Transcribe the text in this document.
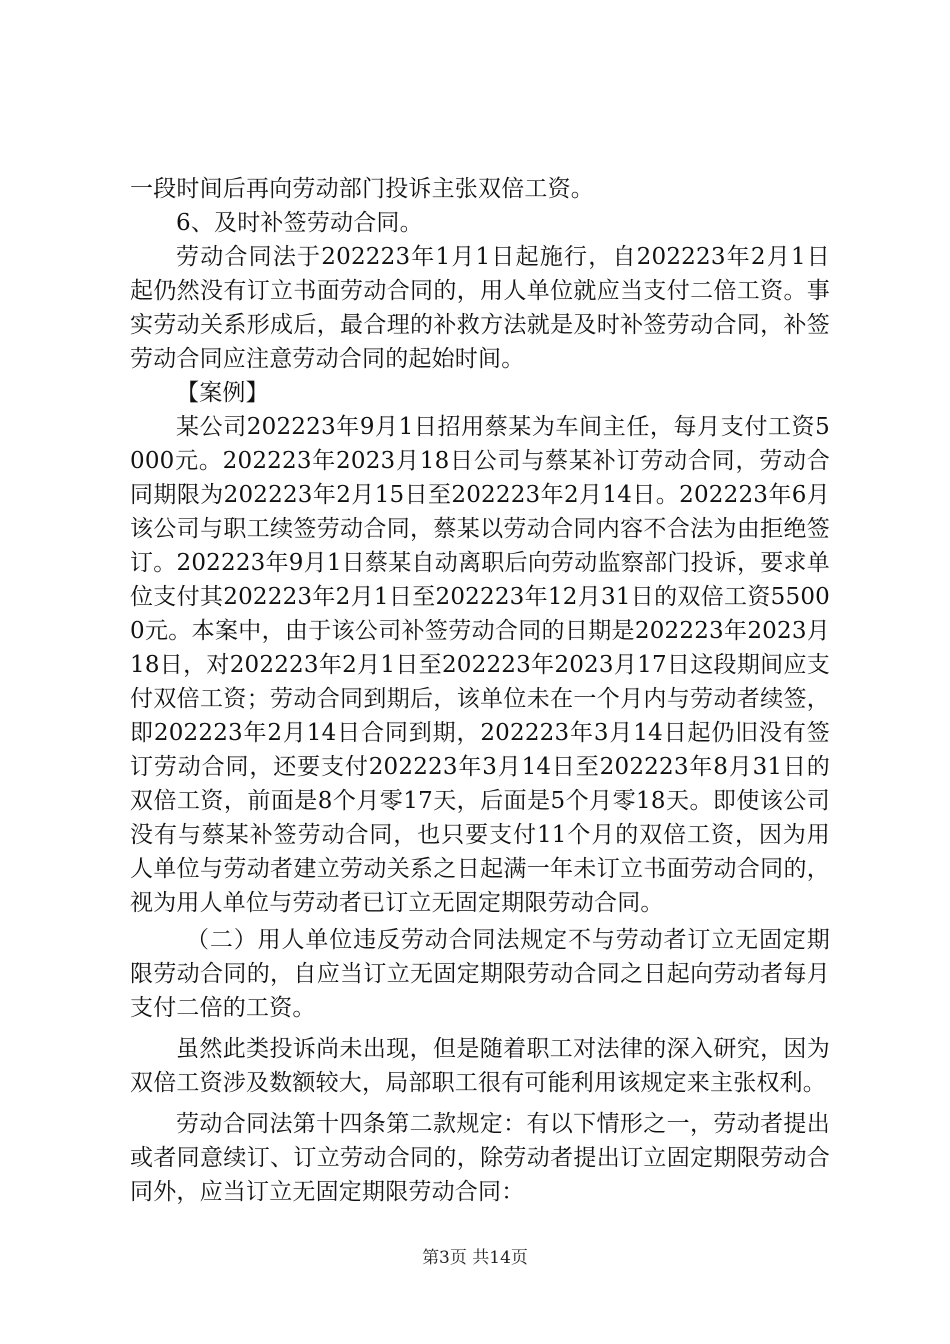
一段时间后再向劳动部门投诉主张双倍工资。

6、及时补签劳动合同。

劳动合同法于202223年1月1日起施行，自202223年2月1日起仍然没有订立书面劳动合同的，用人单位就应当支付二倍工资。事实劳动关系形成后，最合理的补救方法就是及时补签劳动合同，补签劳动合同应注意劳动合同的起始时间。

【案例】

某公司202223年9月1日招用蔡某为车间主任，每月支付工资5000元。202223年2023月18日公司与蔡某补订劳动合同，劳动合同期限为202223年2月15日至202223年2月14日。202223年6月该公司与职工续签劳动合同，蔡某以劳动合同内容不合法为由拒绝签订。202223年9月1日蔡某自动离职后向劳动监察部门投诉，要求单位支付其202223年2月1日至202223年12月31日的双倍工资55000元。本案中，由于该公司补签劳动合同的日期是202223年2023月18日，对202223年2月1日至202223年2023月17日这段期间应支付双倍工资；劳动合同到期后，该单位未在一个月内与劳动者续签，即202223年2月14日合同到期，202223年3月14日起仍旧没有签订劳动合同，还要支付202223年3月14日至202223年8月31日的双倍工资，前面是8个月零17天，后面是5个月零18天。即使该公司没有与蔡某补签劳动合同，也只要支付11个月的双倍工资，因为用人单位与劳动者建立劳动关系之日起满一年未订立书面劳动合同的，视为用人单位与劳动者已订立无固定期限劳动合同。

（二）用人单位违反劳动合同法规定不与劳动者订立无固定期限劳动合同的，自应当订立无固定期限劳动合同之日起向劳动者每月支付二倍的工资。

虽然此类投诉尚未出现，但是随着职工对法律的深入研究，因为双倍工资涉及数额较大，局部职工很有可能利用该规定来主张权利。

劳动合同法第十四条第二款规定：有以下情形之一，劳动者提出或者同意续订、订立劳动合同的，除劳动者提出订立固定期限劳动合同外，应当订立无固定期限劳动合同：

第3页 共14页
